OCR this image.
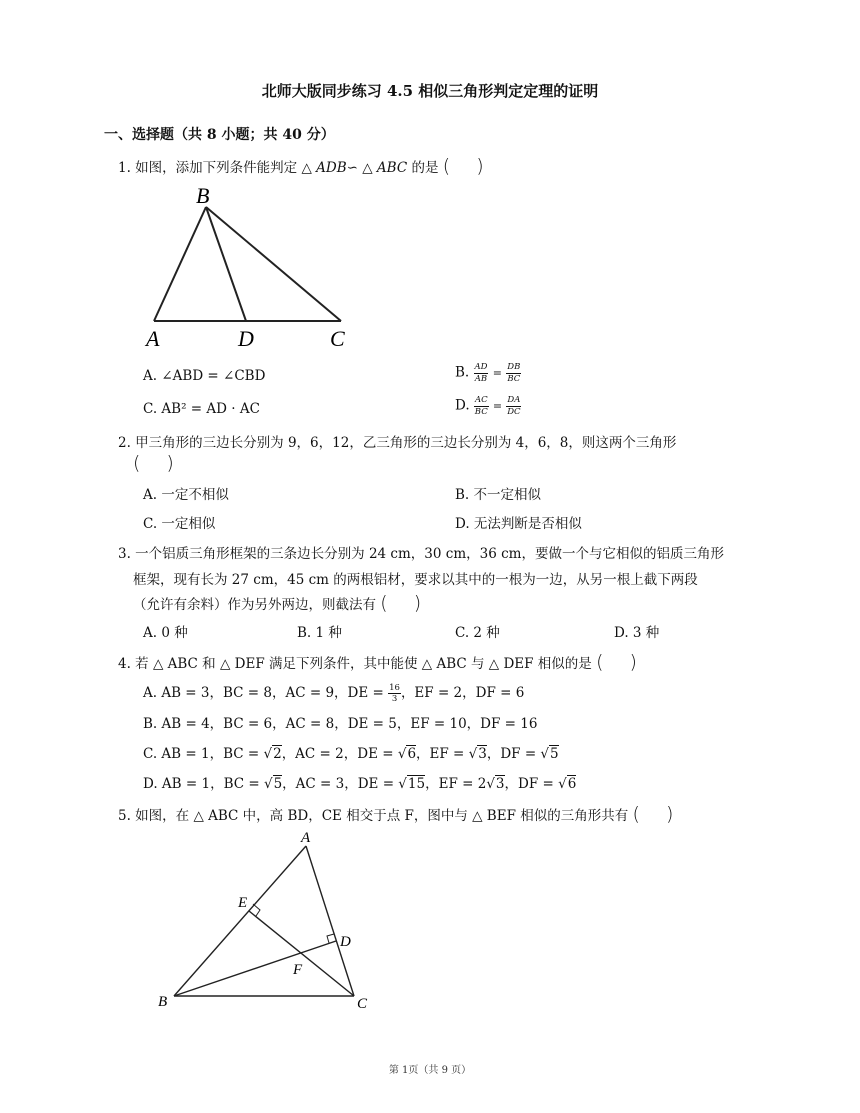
北师大版同步练习 4.5 相似三角形判定定理的证明
一、选择题（共 8 小题；共 40 分）
1. 如图，添加下列条件能判定 △ ADB∽ △ ABC 的是 ( )
B
A	D	C
A. ∠ABD = ∠CBD	B. $\frac{AD}{AB} = \frac{DB}{BC}$
C. AB² = AD · AC	D. $\frac{AC}{BC} = \frac{DA}{DC}$
2. 甲三角形的三边长分别为 9，6，12，乙三角形的三边长分别为 4，6，8，则这两个三角形
( )
A. 一定不相似	B. 不一定相似
C. 一定相似	D. 无法判断是否相似
3. 一个铝质三角形框架的三条边长分别为 24 cm，30 cm，36 cm，要做一个与它相似的铝质三角形
框架，现有长为 27 cm，45 cm 的两根铝材，要求以其中的一根为一边，从另一根上截下两段
（允许有余料）作为另外两边，则截法有 ( )
A. 0 种	B. 1 种	C. 2 种	D. 3 种
4. 若 △ ABC 和 △ DEF 满足下列条件，其中能使 △ ABC 与 △ DEF 相似的是 ( )
A. AB = 3，BC = 8，AC = 9，DE = $\frac{16}{3}$ ，EF = 2，DF = 6
B. AB = 4，BC = 6，AC = 8，DE = 5，EF = 10，DF = 16
C. AB = 1，BC = √2，AC = 2，DE = √6，EF = √3，DF = √5
D. AB = 1，BC = √5，AC = 3，DE = √15，EF = 2√3，DF = √6
5. 如图，在 △ ABC 中，高 BD，CE 相交于点 F，图中与 △ BEF 相似的三角形共有 ( )
A
E
D
F
B	C
第 1页（共 9 页）
